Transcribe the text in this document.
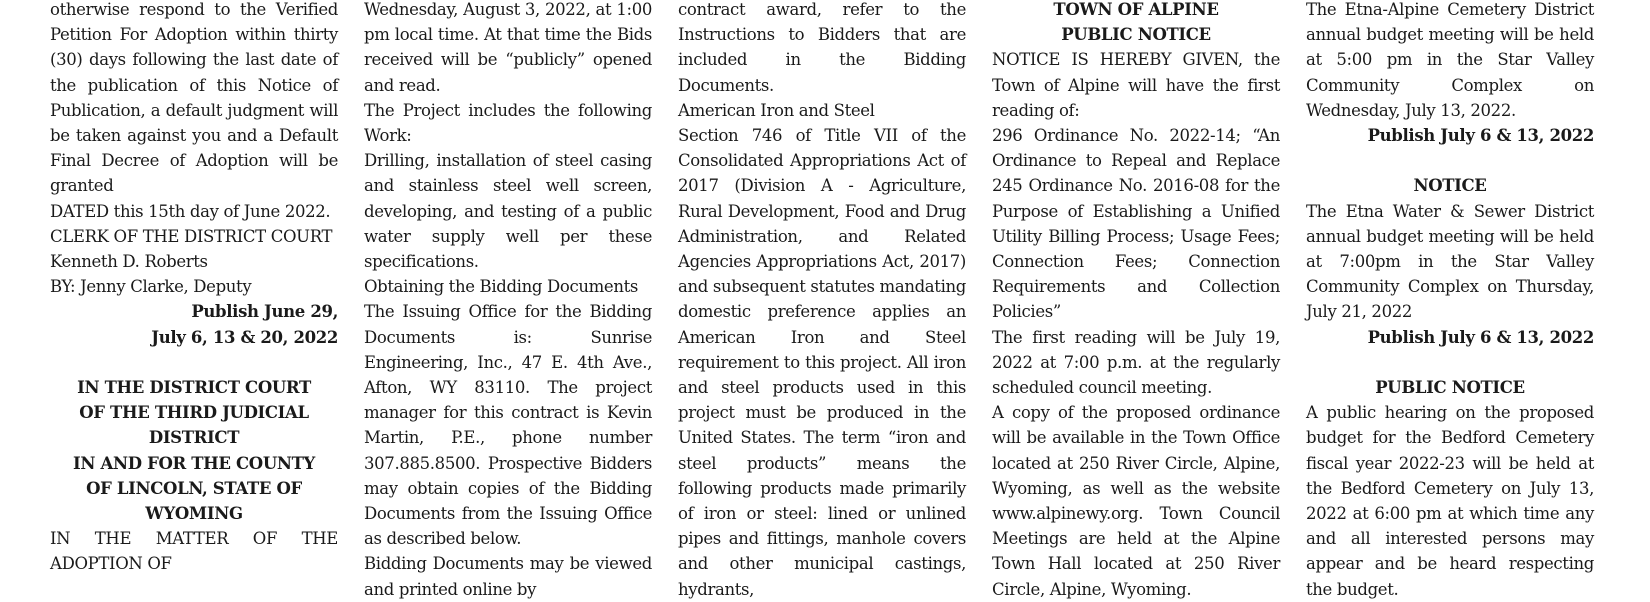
otherwise respond to the Verified Petition For Adoption within thirty (30) days following the last date of the publication of this Notice of Publication, a default judgment will be taken against you and a Default Final Decree of Adoption will be granted

DATED this 15th day of June 2022.

CLERK OF THE DISTRICT COURT

Kenneth D. Roberts

BY: Jenny Clarke, Deputy

Publish June 29,

July 6, 13 & 20, 2022

IN THE DISTRICT COURT

OF THE THIRD JUDICIAL

DISTRICT

IN AND FOR THE COUNTY

OF LINCOLN, STATE OF

WYOMING

IN THE MATTER OF THE ADOPTION OF

Wednesday, August 3, 2022, at 1:00 pm local time. At that time the Bids received will be “publicly” opened and read.

The Project includes the following Work:

Drilling, installation of steel casing and stainless steel well screen, developing, and testing of a public water supply well per these specifications.

Obtaining the Bidding Documents

The Issuing Office for the Bidding Documents is: Sunrise Engineering, Inc., 47 E. 4th Ave., Afton, WY 83110. The project manager for this contract is Kevin Martin, P.E., phone number 307.885.8500. Prospective Bidders may obtain copies of the Bidding Documents from the Issuing Office as described below.

Bidding Documents may be viewed and printed online by

contract award, refer to the Instructions to Bidders that are included in the Bidding Documents.

American Iron and Steel

Section 746 of Title VII of the Consolidated Appropriations Act of 2017 (Division A - Agriculture, Rural Development, Food and Drug Administration, and Related Agencies Appropriations Act, 2017) and subsequent statutes mandating domestic preference applies an American Iron and Steel requirement to this project. All iron and steel products used in this project must be produced in the United States. The term “iron and steel products” means the following products made primarily of iron or steel: lined or unlined pipes and fittings, manhole covers and other municipal castings, hydrants,

TOWN OF ALPINE

PUBLIC NOTICE

NOTICE IS HEREBY GIVEN, the Town of Alpine will have the first reading of:

296 Ordinance No. 2022-14; “An Ordinance to Repeal and Replace 245 Ordinance No. 2016-08 for the Purpose of Establishing a Unified Utility Billing Process; Usage Fees; Connection Fees; Connection Requirements and Collection Policies”

The first reading will be July 19, 2022 at 7:00 p.m. at the regularly scheduled council meeting.

A copy of the proposed ordinance will be available in the Town Office located at 250 River Circle, Alpine, Wyoming, as well as the website www.alpinewy.org. Town Council Meetings are held at the Alpine Town Hall located at 250 River Circle, Alpine, Wyoming.

The Etna-Alpine Cemetery District annual budget meeting will be held at 5:00 pm in the Star Valley Community Complex on Wednesday, July 13, 2022.

Publish July 6 & 13, 2022

NOTICE

The Etna Water & Sewer District annual budget meeting will be held at 7:00pm in the Star Valley Community Complex on Thursday, July 21, 2022

Publish July 6 & 13, 2022

PUBLIC NOTICE

A public hearing on the proposed budget for the Bedford Cemetery fiscal year 2022-23 will be held at the Bedford Cemetery on July 13, 2022 at 6:00 pm at which time any and all interested persons may appear and be heard respecting the budget.
